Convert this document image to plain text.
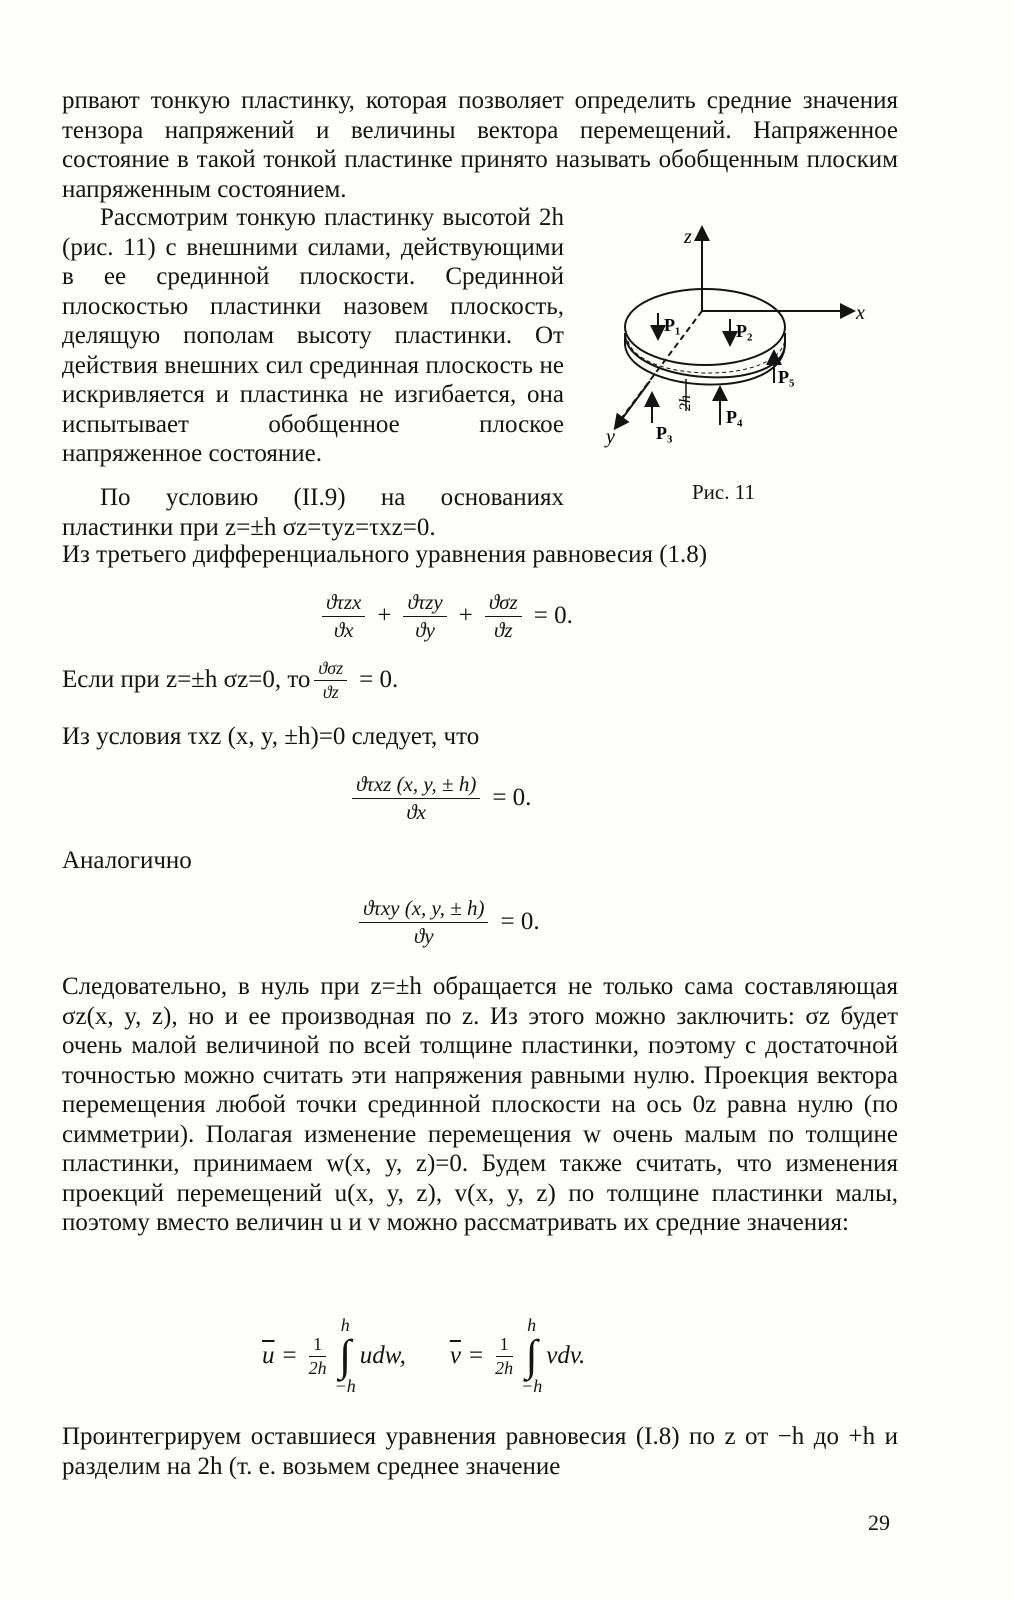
рпвают тонкую пластинку, которая позволяет определить средние значения тензора напряжений и величины вектора перемещений. Напряженное состояние в такой тонкой пластинке принято называть обобщенным плоским напряженным состоянием.

Рассмотрим тонкую пластинку высотой 2h (рис. 11) с внешними силами, действующими в ее срединной плоскости. Срединной плоскостью пластинки назовем плоскость, делящую пополам высоту пластинки. От действия внешних сил срединная плоскость не искривляется и пластинка не изгибается, она испытывает обобщенное плоское напряженное состояние.

По условию (II.9) на основаниях пластинки при z=±h σz=τyz=τxz=0.

Из третьего дифференциального уравнения равновесия (1.8)

$\frac{\text{ϑτzx}}{ϑx} + \frac{\text{ϑτzy}}{ϑy} + \frac{\text{ϑσz}}{ϑz} = 0$.
Если при z=±h σz=0, то $\frac{\text{ϑσz}}{ϑz} = 0$.

Из условия τxz (x, y, ±h)=0 следует, что

$\frac{\text{ϑτxz (x, y, ± h)}}{ϑx} = 0$.

Аналогично

$\frac{\text{ϑτxy (x, y, ± h)}}{ϑy} = 0$.

Следовательно, в нуль при z=±h обращается не только сама составляющая σz(x, y, z), но и ее производная по z. Из этого можно заключить: σz будет очень малой величиной по всей толщине пластинки, поэтому с достаточной точностью можно считать эти напряжения равными нулю. Проекция вектора перемещения любой точки срединной плоскости на ось 0z равна нулю (по симметрии). Полагая изменение перемещения w очень малым по толщине пластинки, принимаем w(x, y, z)=0. Будем также считать, что изменения проекций перемещений u(x, y, z), v(x, y, z) по толщине пластинки малы, поэтому вместо величин u и v можно рассматривать их средние значения:

$\overline{u} = \frac{1}{2h}$
h
∫
−h
udw, $\overline{v} = \frac{1}{2h}$
h
∫
−h
vdv.

Проинтегрируем оставшиеся уравнения равновесия (I.8) по z от −h до +h и разделим на 2h (т. е. возьмем среднее значение

z
x
y
P₁	P₂
P₃
P₄
P₅
2h
Рис. 11
29
